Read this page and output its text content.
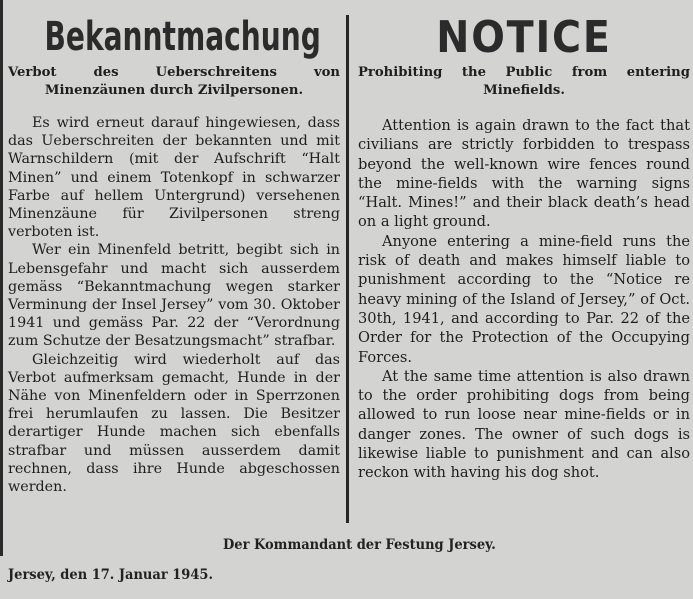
Bekanntmachung

Verbot des Ueberschreitens von
Minenzäunen durch Zivilpersonen.

Es wird erneut darauf hingewiesen, dass das Ueberschreiten der bekannten und mit Warnschildern (mit der Aufschrift “Halt Minen” und einem Totenkopf in schwarzer Farbe auf hellem Untergrund) versehenen Minenzäune für Zivilpersonen streng verboten ist.

Wer ein Minenfeld betritt, begibt sich in Lebensgefahr und macht sich ausserdem gemäss “Bekanntmachung wegen starker Verminung der Insel Jersey” vom 30. Oktober 1941 und gemäss Par. 22 der “Verordnung zum Schutze der Besatzungsmacht” strafbar.

Gleichzeitig wird wiederholt auf das Verbot aufmerksam gemacht, Hunde in der Nähe von Minenfeldern oder in Sperrzonen frei herumlaufen zu lassen. Die Besitzer derartiger Hunde machen sich ebenfalls strafbar und müssen ausserdem damit rechnen, dass ihre Hunde abgeschossen werden.

NOTICE

Prohibiting the Public from entering
Minefields.

Attention is again drawn to the fact that civilians are strictly forbidden to trespass beyond the well-known wire fences round the mine-fields with the warning signs “Halt. Mines!” and their black death’s head on a light ground.

Anyone entering a mine-field runs the risk of death and makes himself liable to punishment according to the “Notice re heavy mining of the Island of Jersey,” of Oct. 30th, 1941, and according to Par. 22 of the Order for the Protection of the Occupying Forces.

At the same time attention is also drawn to the order prohibiting dogs from being allowed to run loose near mine-fields or in danger zones. The owner of such dogs is likewise liable to punishment and can also reckon with having his dog shot.

Der Kommandant der Festung Jersey.
Jersey, den 17. Januar 1945.
